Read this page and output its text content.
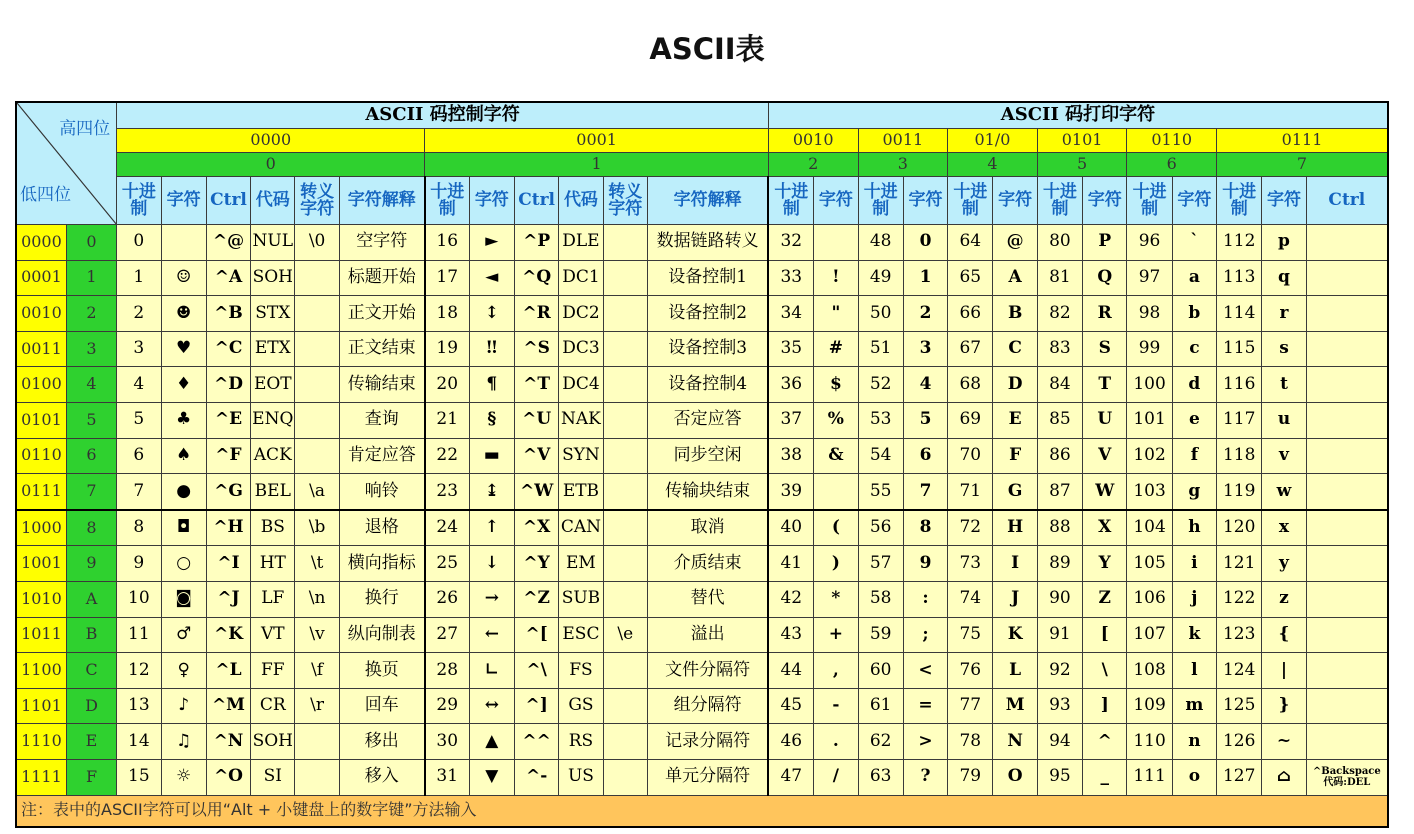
ASCII表
高四位
低四位		ASCII 码控制字符												ASCII 码打印字符												
		0000						0001						0010		0011		01/0		0101		0110		0111		
		0						1						2		3		4		5		6		7		
		十进制	字符	Ctrl	代码	转义字符	字符解释	十进制	字符	Ctrl	代码	转义字符	字符解释	十进制	字符	十进制	字符	十进制	字符	十进制	字符	十进制	字符	十进制	字符	Ctrl
0000	0	0		^@	NUL	\0	空字符	16	►	^P	DLE		数据链路转义	32		48	0	64	@	80	P	96	`	112	p	
0001	1	1	☺	^A	SOH		标题开始	17	◄	^Q	DC1		设备控制1	33	!	49	1	65	A	81	Q	97	a	113	q	
0010	2	2	☻	^B	STX		正文开始	18	↕	^R	DC2		设备控制2	34	"	50	2	66	B	82	R	98	b	114	r	
0011	3	3	♥	^C	ETX		正文结束	19	‼	^S	DC3		设备控制3	35	#	51	3	67	C	83	S	99	c	115	s	
0100	4	4	♦	^D	EOT		传输结束	20	¶	^T	DC4		设备控制4	36	$	52	4	68	D	84	T	100	d	116	t	
0101	5	5	♣	^E	ENQ		查询	21	§	^U	NAK		否定应答	37	%	53	5	69	E	85	U	101	e	117	u	
0110	6	6	♠	^F	ACK		肯定应答	22	▬	^V	SYN		同步空闲	38	&	54	6	70	F	86	V	102	f	118	v	
0111	7	7	●	^G	BEL	\a	响铃	23	↨	^W	ETB		传输块结束	39		55	7	71	G	87	W	103	g	119	w	
1000	8	8	◘	^H	BS	\b	退格	24	↑	^X	CAN		取消	40	(	56	8	72	H	88	X	104	h	120	x	
1001	9	9	○	^I	HT	\t	横向指标	25	↓	^Y	EM		介质结束	41	)	57	9	73	I	89	Y	105	i	121	y	
1010	A	10	◙	^J	LF	\n	换行	26	→	^Z	SUB		替代	42	*	58	:	74	J	90	Z	106	j	122	z	
1011	B	11	♂	^K	VT	\v	纵向制表	27	←	^[	ESC	\e	溢出	43	+	59	;	75	K	91	[	107	k	123	{	
1100	C	12	♀	^L	FF	\f	换页	28	∟	^\	FS		文件分隔符	44	,	60	<	76	L	92	\	108	l	124	|	
1101	D	13	♪	^M	CR	\r	回车	29	↔	^]	GS		组分隔符	45	-	61	=	77	M	93	]	109	m	125	}	
1110	E	14	♫	^N	SOH		移出	30	▲	^^	RS		记录分隔符	46	.	62	>	78	N	94	^	110	n	126	~	
1111	F	15	☼	^O	SI		移入	31	▼	^-	US		单元分隔符	47	/	63	?	79	O	95	_	111	o	127	⌂	^Backspace 代码:DEL
注：表中的ASCII字符可以用“Alt + 小键盘上的数字键”方法输入																										
